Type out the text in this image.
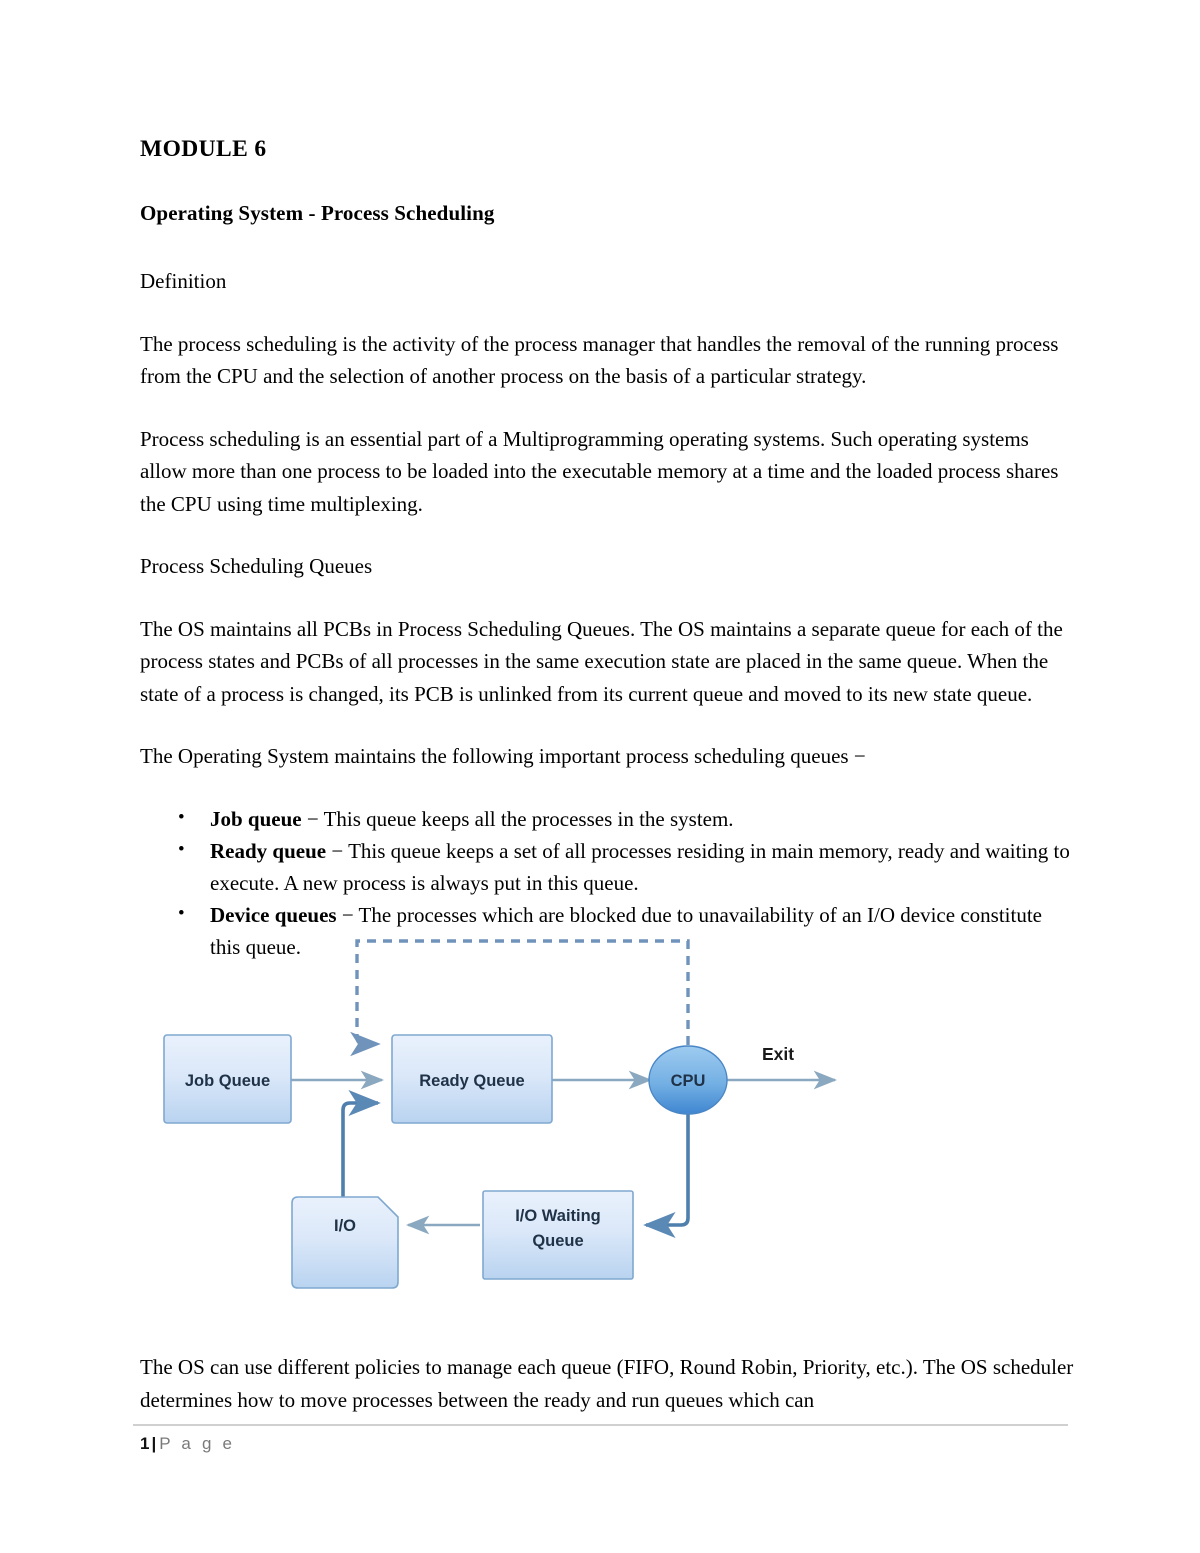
MODULE 6
Operating System - Process Scheduling

Definition

The process scheduling is the activity of the process manager that handles the removal of the running process from the CPU and the selection of another process on the basis of a particular strategy.

Process scheduling is an essential part of a Multiprogramming operating systems. Such operating systems allow more than one process to be loaded into the executable memory at a time and the loaded process shares the CPU using time multiplexing.

Process Scheduling Queues

The OS maintains all PCBs in Process Scheduling Queues. The OS maintains a separate queue for each of the process states and PCBs of all processes in the same execution state are placed in the same queue. When the state of a process is changed, its PCB is unlinked from its current queue and moved to its new state queue.

The Operating System maintains the following important process scheduling queues −

• Job queue − This queue keeps all the processes in the system.
• Ready queue − This queue keeps a set of all processes residing in main memory, ready and waiting to execute. A new process is always put in this queue.
• Device queues − The processes which are blocked due to unavailability of an I/O device constitute this queue.
Job Queue	Ready Queue	CPU
Exit
I/O Waiting
Queue
I/O

The OS can use different policies to manage each queue (FIFO, Round Robin, Priority, etc.). The OS scheduler determines how to move processes between the ready and run queues which can

1| P a g e
